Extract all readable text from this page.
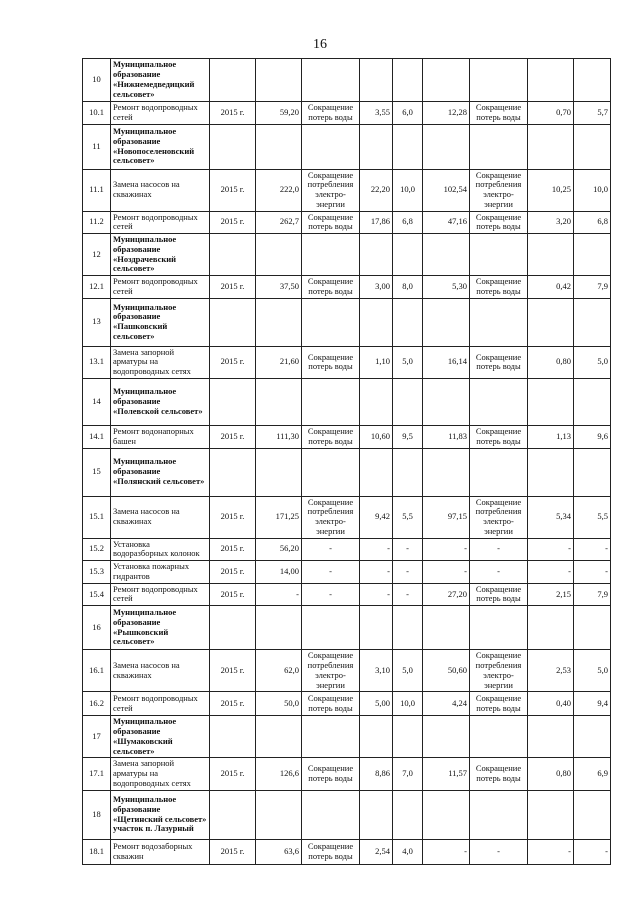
16
10	Муниципальное образование «Нижнемедведицкий сельсовет»									
10.1	Ремонт водопроводных сетей	2015 г.	59,20	Сокращение потерь воды	3,55	6,0	12,28	Сокращение потерь воды	0,70	5,7
11	Муниципальное образование «Новопоселеновский сельсовет»									
11.1	Замена насосов на скважинах	2015 г.	222,0	Сокращение потребления электро-энергии	22,20	10,0	102,54	Сокращение потребления электро-энергии	10,25	10,0
11.2	Ремонт водопроводных сетей	2015 г.	262,7	Сокращение потерь воды	17,86	6,8	47,16	Сокращение потерь воды	3,20	6,8
12	Муниципальное образование «Ноздрачевский сельсовет»									
12.1	Ремонт водопроводных сетей	2015 г.	37,50	Сокращение потерь воды	3,00	8,0	5,30	Сокращение потерь воды	0,42	7,9
13	Муниципальное образование «Пашковский сельсовет»									
13.1	Замена запорной арматуры на водопроводных сетях	2015 г.	21,60	Сокращение потерь воды	1,10	5,0	16,14	Сокращение потерь воды	0,80	5,0
14	Муниципальное образование «Полевской сельсовет»									
14.1	Ремонт водонапорных башен	2015 г.	111,30	Сокращение потерь воды	10,60	9,5	11,83	Сокращение потерь воды	1,13	9,6
15	Муниципальное образование «Полянский сельсовет»									
15.1	Замена насосов на скважинах	2015 г.	171,25	Сокращение потребления электро-энергии	9,42	5,5	97,15	Сокращение потребления электро-энергии	5,34	5,5
15.2	Установка водоразборных колонок	2015 г.	56,20	-	-	-	-	-	-	-
15.3	Установка пожарных гидрантов	2015 г.	14,00	-	-	-	-	-	-	-
15.4	Ремонт водопроводных сетей	2015 г.	-	-	-	-	27,20	Сокращение потерь воды	2,15	7,9
16	Муниципальное образование «Рышковский сельсовет»									
16.1	Замена насосов на скважинах	2015 г.	62,0	Сокращение потребления электро-энергии	3,10	5,0	50,60	Сокращение потребления электро-энергии	2,53	5,0
16.2	Ремонт водопроводных сетей	2015 г.	50,0	Сокращение потерь воды	5,00	10,0	4,24	Сокращение потерь воды	0,40	9,4
17	Муниципальное образование «Шумаковский сельсовет»									
17.1	Замена запорной арматуры на водопроводных сетях	2015 г.	126,6	Сокращение потерь воды	8,86	7,0	11,57	Сокращение потерь воды	0,80	6,9
18	Муниципальное образование «Щетинский сельсовет» участок п. Лазурный									
18.1	Ремонт водозаборных скважин	2015 г.	63,6	Сокращение потерь воды	2,54	4,0	-	-	-	-
